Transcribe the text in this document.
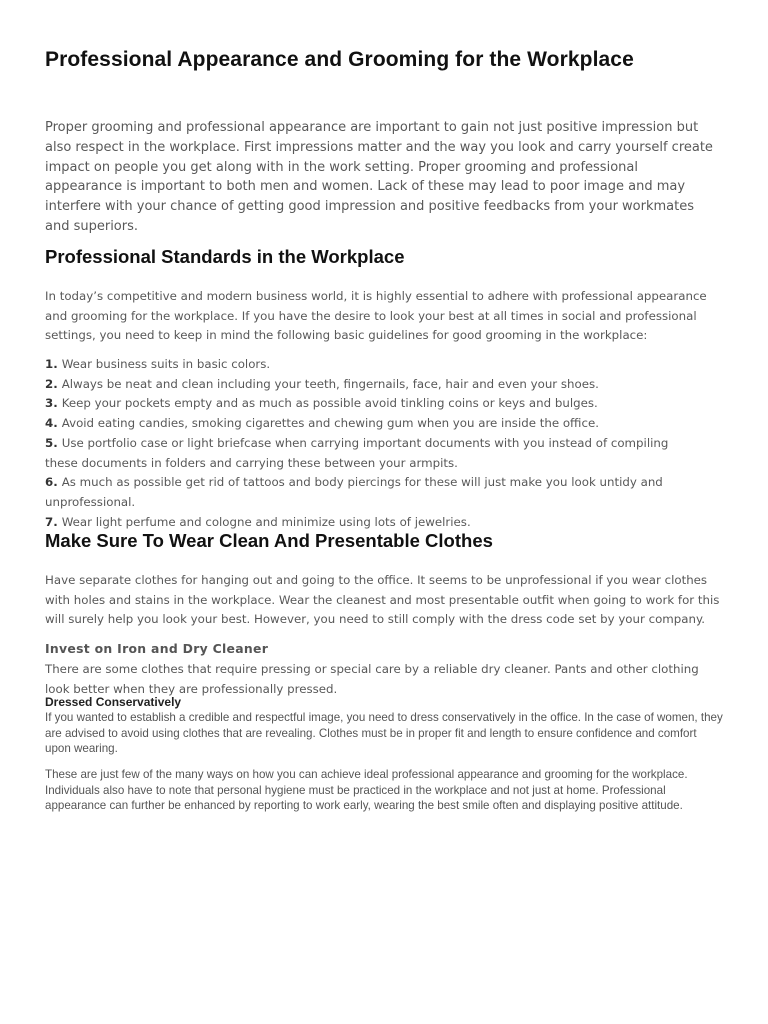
Professional Appearance and Grooming for the Workplace

Proper grooming and professional appearance are important to gain not just positive impression but also respect in the workplace. First impressions matter and the way you look and carry yourself create impact on people you get along with in the work setting. Proper grooming and professional appearance is important to both men and women. Lack of these may lead to poor image and may interfere with your chance of getting good impression and positive feedbacks from your workmates and superiors.

Professional Standards in the Workplace

In today’s competitive and modern business world, it is highly essential to adhere with professional appearance and grooming for the workplace. If you have the desire to look your best at all times in social and professional settings, you need to keep in mind the following basic guidelines for good grooming in the workplace:

1. Wear business suits in basic colors.
2. Always be neat and clean including your teeth, fingernails, face, hair and even your shoes.
3. Keep your pockets empty and as much as possible avoid tinkling coins or keys and bulges.
4. Avoid eating candies, smoking cigarettes and chewing gum when you are inside the office.
5. Use portfolio case or light briefcase when carrying important documents with you instead of compiling these documents in folders and carrying these between your armpits.
6. As much as possible get rid of tattoos and body piercings for these will just make you look untidy and unprofessional.
7. Wear light perfume and cologne and minimize using lots of jewelries.
Make Sure To Wear Clean And Presentable Clothes

Have separate clothes for hanging out and going to the office. It seems to be unprofessional if you wear clothes with holes and stains in the workplace. Wear the cleanest and most presentable outfit when going to work for this will surely help you look your best. However, you need to still comply with the dress code set by your company.

Invest on Iron and Dry Cleaner

There are some clothes that require pressing or special care by a reliable dry cleaner. Pants and other clothing look better when they are professionally pressed.

Dressed Conservatively

If you wanted to establish a credible and respectful image, you need to dress conservatively in the office. In the case of women, they are advised to avoid using clothes that are revealing. Clothes must be in proper fit and length to ensure confidence and comfort upon wearing.

These are just few of the many ways on how you can achieve ideal professional appearance and grooming for the workplace. Individuals also have to note that personal hygiene must be practiced in the workplace and not just at home. Professional appearance can further be enhanced by reporting to work early, wearing the best smile often and displaying positive attitude.
